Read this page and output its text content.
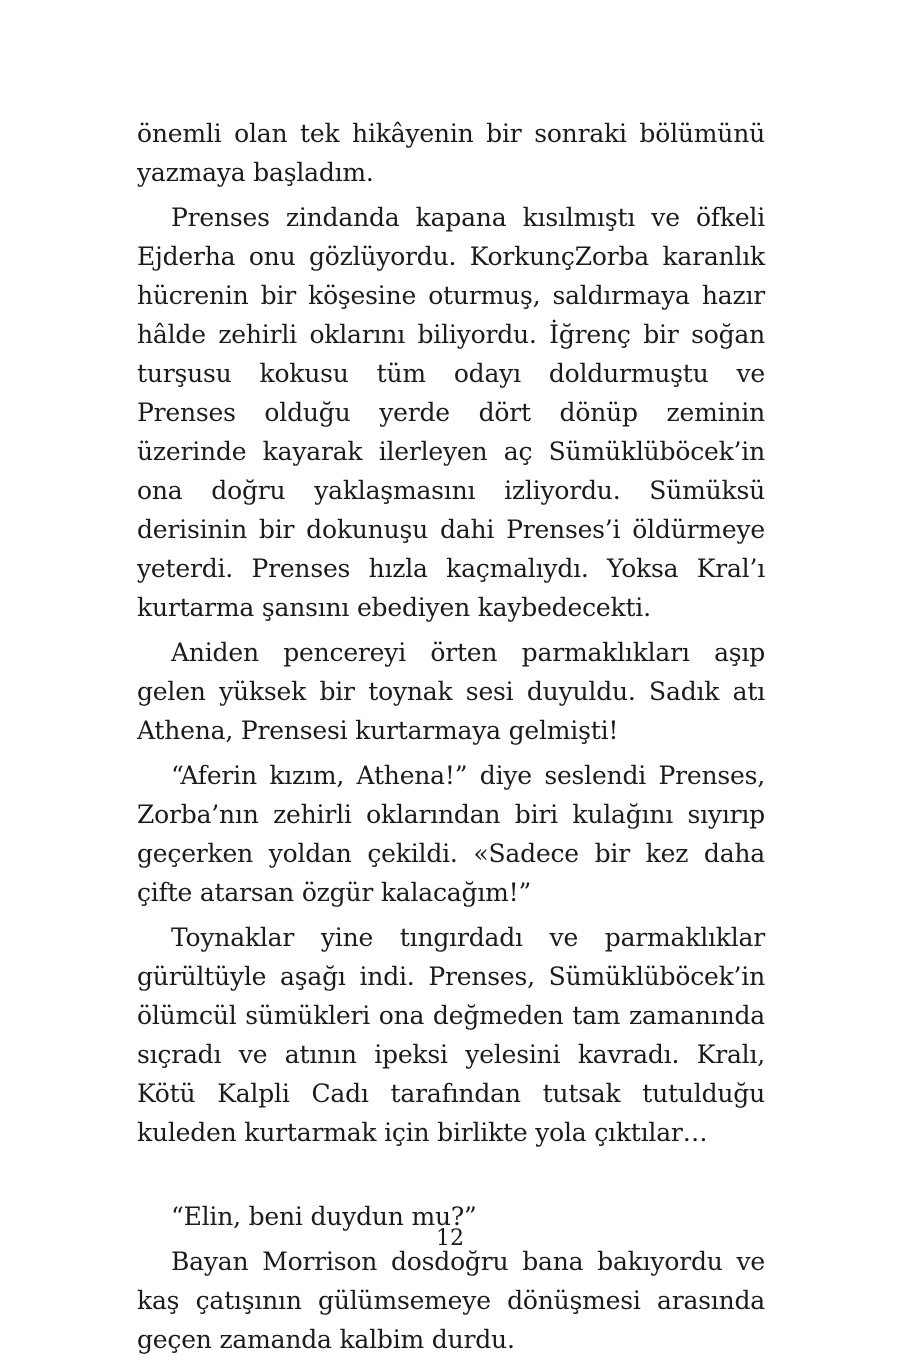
önemli olan tek hikâyenin bir sonraki bölümünü yazmaya başladım.

Prenses zindanda kapana kısılmıştı ve öfkeli Ejderha onu gözlüyordu. KorkunçZorba karanlık hücrenin bir köşesine oturmuş, saldırmaya hazır hâlde zehirli oklarını biliyordu. İğrenç bir soğan turşusu kokusu tüm odayı doldurmuştu ve Prenses olduğu yerde dört dönüp zeminin üzerinde kayarak ilerleyen aç Sümüklüböcek’in ona doğru yaklaşmasını izliyordu. Sümüksü derisinin bir dokunuşu dahi Prenses’i öldürmeye yeterdi. Prenses hızla kaçmalıydı. Yoksa Kral’ı kurtarma şansını ebediyen kaybedecekti.

Aniden pencereyi örten parmaklıkları aşıp gelen yüksek bir toynak sesi duyuldu. Sadık atı Athena, Prensesi kurtarmaya gelmişti!

“Aferin kızım, Athena!” diye seslendi Prenses, Zorba’nın zehirli oklarından biri kulağını sıyırıp geçerken yoldan çekildi. «Sadece bir kez daha çifte atarsan özgür kalacağım!”

Toynaklar yine tıngırdadı ve parmaklıklar gürültüyle aşağı indi. Prenses, Sümüklüböcek’in ölümcül sümükleri ona değmeden tam zamanında sıçradı ve atının ipeksi yelesini kavradı. Kralı, Kötü Kalpli Cadı tarafından tutsak tutulduğu kuleden kurtarmak için birlikte yola çıktılar…

“Elin, beni duydun mu?”

Bayan Morrison dosdoğru bana bakıyordu ve kaş çatışının gülümsemeye dönüşmesi arasında geçen zamanda kalbim durdu.

12
